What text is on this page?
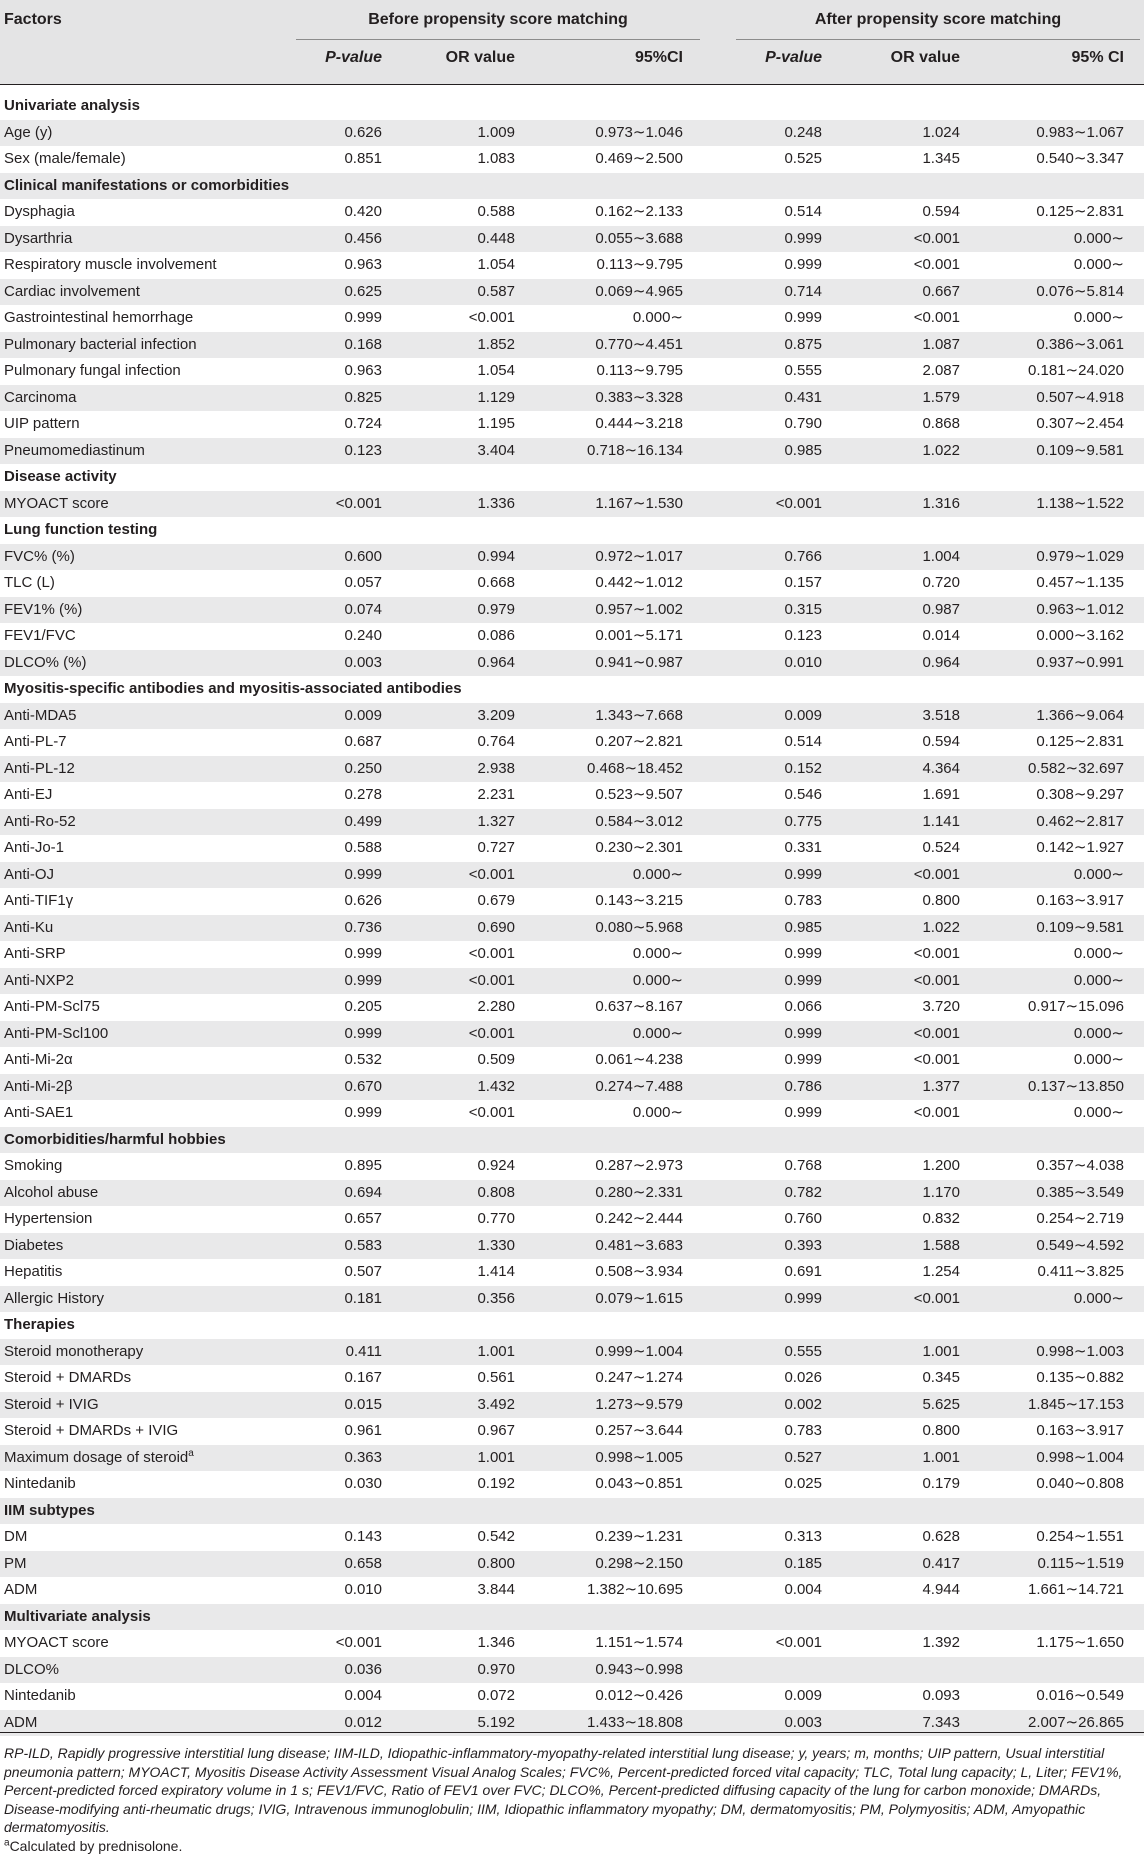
Factors	Before propensity score matching	After propensity score matching
P-value	OR value	95%CI	P-value	OR value	95% CI
Univariate analysis
Age (y)	0.626	1.009	0.973∼1.046	0.248	1.024	0.983∼1.067
Sex (male/female)	0.851	1.083	0.469∼2.500	0.525	1.345	0.540∼3.347
Clinical manifestations or comorbidities
Dysphagia	0.420	0.588	0.162∼2.133	0.514	0.594	0.125∼2.831
Dysarthria	0.456	0.448	0.055∼3.688	0.999	<0.001	0.000∼
Respiratory muscle involvement	0.963	1.054	0.113∼9.795	0.999	<0.001	0.000∼
Cardiac involvement	0.625	0.587	0.069∼4.965	0.714	0.667	0.076∼5.814
Gastrointestinal hemorrhage	0.999	<0.001	0.000∼	0.999	<0.001	0.000∼
Pulmonary bacterial infection	0.168	1.852	0.770∼4.451	0.875	1.087	0.386∼3.061
Pulmonary fungal infection	0.963	1.054	0.113∼9.795	0.555	2.087	0.181∼24.020
Carcinoma	0.825	1.129	0.383∼3.328	0.431	1.579	0.507∼4.918
UIP pattern	0.724	1.195	0.444∼3.218	0.790	0.868	0.307∼2.454
Pneumomediastinum	0.123	3.404	0.718∼16.134	0.985	1.022	0.109∼9.581
Disease activity
MYOACT score	<0.001	1.336	1.167∼1.530	<0.001	1.316	1.138∼1.522
Lung function testing
FVC% (%)	0.600	0.994	0.972∼1.017	0.766	1.004	0.979∼1.029
TLC (L)	0.057	0.668	0.442∼1.012	0.157	0.720	0.457∼1.135
FEV1% (%)	0.074	0.979	0.957∼1.002	0.315	0.987	0.963∼1.012
FEV1/FVC	0.240	0.086	0.001∼5.171	0.123	0.014	0.000∼3.162
DLCO% (%)	0.003	0.964	0.941∼0.987	0.010	0.964	0.937∼0.991
Myositis-specific antibodies and myositis-associated antibodies
Anti-MDA5	0.009	3.209	1.343∼7.668	0.009	3.518	1.366∼9.064
Anti-PL-7	0.687	0.764	0.207∼2.821	0.514	0.594	0.125∼2.831
Anti-PL-12	0.250	2.938	0.468∼18.452	0.152	4.364	0.582∼32.697
Anti-EJ	0.278	2.231	0.523∼9.507	0.546	1.691	0.308∼9.297
Anti-Ro-52	0.499	1.327	0.584∼3.012	0.775	1.141	0.462∼2.817
Anti-Jo-1	0.588	0.727	0.230∼2.301	0.331	0.524	0.142∼1.927
Anti-OJ	0.999	<0.001	0.000∼	0.999	<0.001	0.000∼
Anti-TIF1γ	0.626	0.679	0.143∼3.215	0.783	0.800	0.163∼3.917
Anti-Ku	0.736	0.690	0.080∼5.968	0.985	1.022	0.109∼9.581
Anti-SRP	0.999	<0.001	0.000∼	0.999	<0.001	0.000∼
Anti-NXP2	0.999	<0.001	0.000∼	0.999	<0.001	0.000∼
Anti-PM-Scl75	0.205	2.280	0.637∼8.167	0.066	3.720	0.917∼15.096
Anti-PM-Scl100	0.999	<0.001	0.000∼	0.999	<0.001	0.000∼
Anti-Mi-2α	0.532	0.509	0.061∼4.238	0.999	<0.001	0.000∼
Anti-Mi-2β	0.670	1.432	0.274∼7.488	0.786	1.377	0.137∼13.850
Anti-SAE1	0.999	<0.001	0.000∼	0.999	<0.001	0.000∼
Comorbidities/harmful hobbies
Smoking	0.895	0.924	0.287∼2.973	0.768	1.200	0.357∼4.038
Alcohol abuse	0.694	0.808	0.280∼2.331	0.782	1.170	0.385∼3.549
Hypertension	0.657	0.770	0.242∼2.444	0.760	0.832	0.254∼2.719
Diabetes	0.583	1.330	0.481∼3.683	0.393	1.588	0.549∼4.592
Hepatitis	0.507	1.414	0.508∼3.934	0.691	1.254	0.411∼3.825
Allergic History	0.181	0.356	0.079∼1.615	0.999	<0.001	0.000∼
Therapies
Steroid monotherapy	0.411	1.001	0.999∼1.004	0.555	1.001	0.998∼1.003
Steroid + DMARDs	0.167	0.561	0.247∼1.274	0.026	0.345	0.135∼0.882
Steroid + IVIG	0.015	3.492	1.273∼9.579	0.002	5.625	1.845∼17.153
Steroid + DMARDs + IVIG	0.961	0.967	0.257∼3.644	0.783	0.800	0.163∼3.917
Maximum dosage of steroid$^a$	0.363	1.001	0.998∼1.005	0.527	1.001	0.998∼1.004
Nintedanib	0.030	0.192	0.043∼0.851	0.025	0.179	0.040∼0.808
IIM subtypes
DM	0.143	0.542	0.239∼1.231	0.313	0.628	0.254∼1.551
PM	0.658	0.800	0.298∼2.150	0.185	0.417	0.115∼1.519
ADM	0.010	3.844	1.382∼10.695	0.004	4.944	1.661∼14.721
Multivariate analysis
MYOACT score	<0.001	1.346	1.151∼1.574	<0.001	1.392	1.175∼1.650
DLCO%	0.036	0.970	0.943∼0.998
Nintedanib	0.004	0.072	0.012∼0.426	0.009	0.093	0.016∼0.549
ADM	0.012	5.192	1.433∼18.808	0.003	7.343	2.007∼26.865
RP-ILD, Rapidly progressive interstitial lung disease; IIM-ILD, Idiopathic-inflammatory-myopathy-related interstitial lung disease; y, years; m, months; UIP pattern, Usual interstitial pneumonia pattern; MYOACT, Myositis Disease Activity Assessment Visual Analog Scales; FVC%, Percent-predicted forced vital capacity; TLC, Total lung capacity; L, Liter; FEV1%, Percent-predicted forced expiratory volume in 1 s; FEV1/FVC, Ratio of FEV1 over FVC; DLCO%, Percent-predicted diffusing capacity of the lung for carbon monoxide; DMARDs, Disease-modifying anti-rheumatic drugs; IVIG, Intravenous immunoglobulin; IIM, Idiopathic inflammatory myopathy; DM, dermatomyositis; PM, Polymyositis; ADM, Amyopathic dermatomyositis.
$^a$Calculated by prednisolone.
